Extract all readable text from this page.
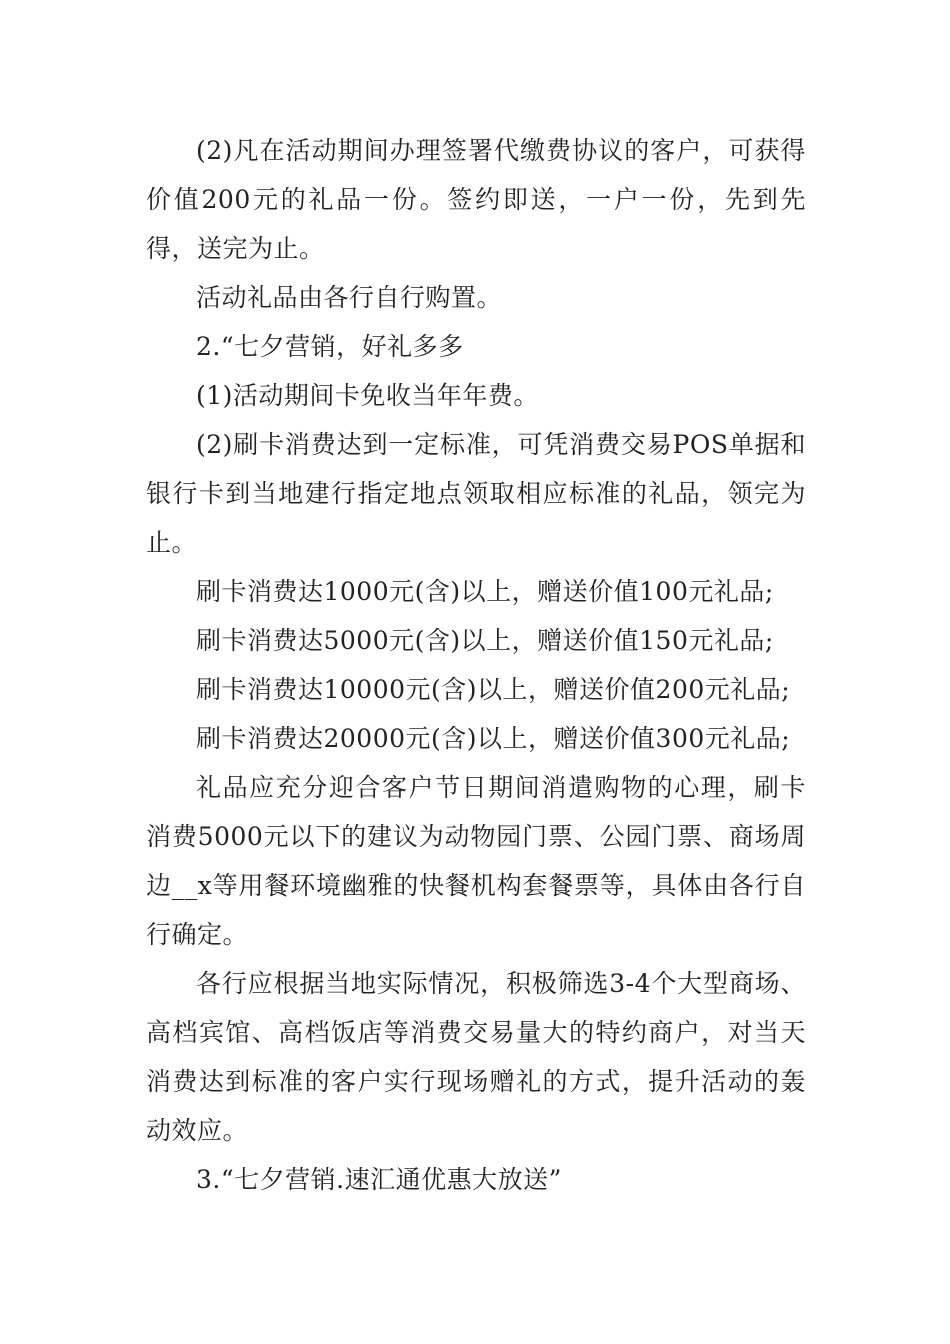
(2)凡在活动期间办理签署代缴费协议的客户，可获得价值200元的礼品一份。签约即送，一户一份，先到先得，送完为止。

活动礼品由各行自行购置。

2.“七夕营销，好礼多多

(1)活动期间卡免收当年年费。

(2)刷卡消费达到一定标准，可凭消费交易POS单据和银行卡到当地建行指定地点领取相应标准的礼品，领完为止。

刷卡消费达1000元(含)以上，赠送价值100元礼品;

刷卡消费达5000元(含)以上，赠送价值150元礼品;

刷卡消费达10000元(含)以上，赠送价值200元礼品;

刷卡消费达20000元(含)以上，赠送价值300元礼品;

礼品应充分迎合客户节日期间消遣购物的心理，刷卡消费5000元以下的建议为动物园门票、公园门票、商场周边__x等用餐环境幽雅的快餐机构套餐票等，具体由各行自行确定。

各行应根据当地实际情况，积极筛选3-4个大型商场、高档宾馆、高档饭店等消费交易量大的特约商户，对当天消费达到标准的客户实行现场赠礼的方式，提升活动的轰动效应。

3.“七夕营销.速汇通优惠大放送”
